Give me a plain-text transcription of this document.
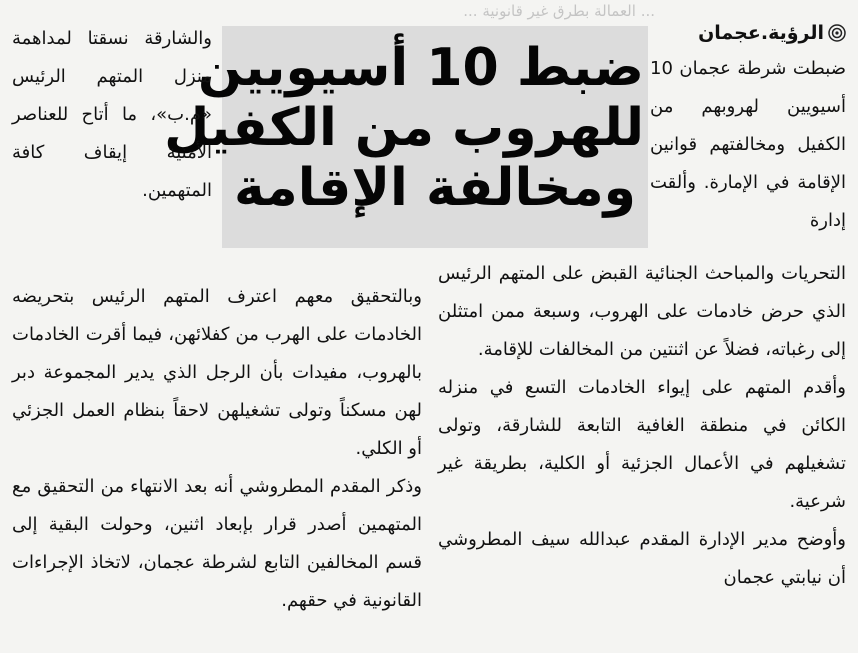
... العمالة بطرق غير قانونية ...
ضبط 10 أسيويين
للهروب من الكفيل
ومخالفة الإقامة
الرؤية.عجمان

ضبطت شرطة عجمان 10 أسيويين لهروبهم من الكفيل ومخالفتهم قوانين الإقامة في الإمارة. وألقت إدارة

والشارقة نسقتا لمداهمة منزل المتهم الرئيس «م.ب»، ما أتاح للعناصر الأمنية إيقاف كافة المتهمين.

التحريات والمباحث الجنائية القبض على المتهم الرئيس الذي حرض خادمات على الهروب، وسبعة ممن امتثلن إلى رغباته، فضلاً عن اثنتين من المخالفات للإقامة.

وأقدم المتهم على إيواء الخادمات التسع في منزله الكائن في منطقة الغافية التابعة للشارقة، وتولى تشغيلهم في الأعمال الجزئية أو الكلية، بطريقة غير شرعية.

وأوضح مدير الإدارة المقدم عبدالله سيف المطروشي أن نيابتي عجمان

وبالتحقيق معهم اعترف المتهم الرئيس بتحريضه الخادمات على الهرب من كفلائهن، فيما أقرت الخادمات بالهروب، مفيدات بأن الرجل الذي يدير المجموعة دبر لهن مسكناً وتولى تشغيلهن لاحقاً بنظام العمل الجزئي أو الكلي.

وذكر المقدم المطروشي أنه بعد الانتهاء من التحقيق مع المتهمين أصدر قرار بإبعاد اثنين، وحولت البقية إلى قسم المخالفين التابع لشرطة عجمان، لاتخاذ الإجراءات القانونية في حقهم.
